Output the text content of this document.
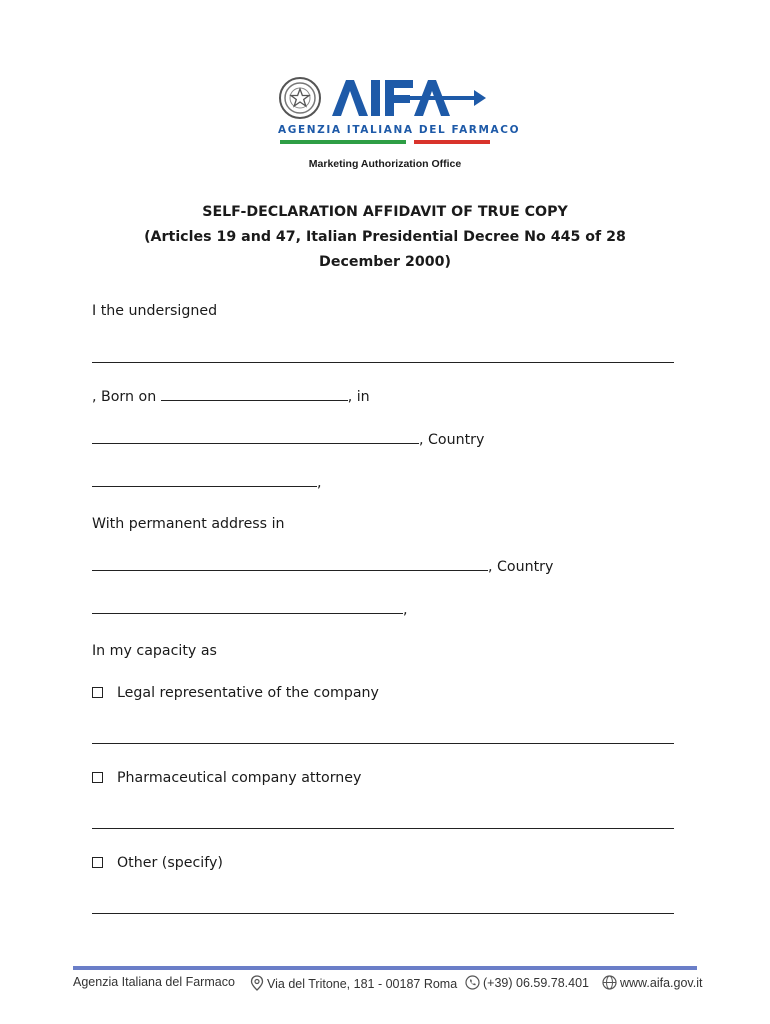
AGENZIA ITALIANA DEL FARMACO
Marketing Authorization Office
SELF-DECLARATION AFFIDAVIT OF TRUE COPY
(Articles 19 and 47, Italian Presidential Decree No 445 of 28
December 2000)
I the undersigned
, Born on	, in
, Country
,
With permanent address in
, Country
,
In my capacity as
Legal representative of the company
Pharmaceutical company attorney
Other (specify)
Agenzia Italiana del Farmaco	Via del Tritone, 181 - 00187 Roma	(+39) 06.59.78.401	www.aifa.gov.it
